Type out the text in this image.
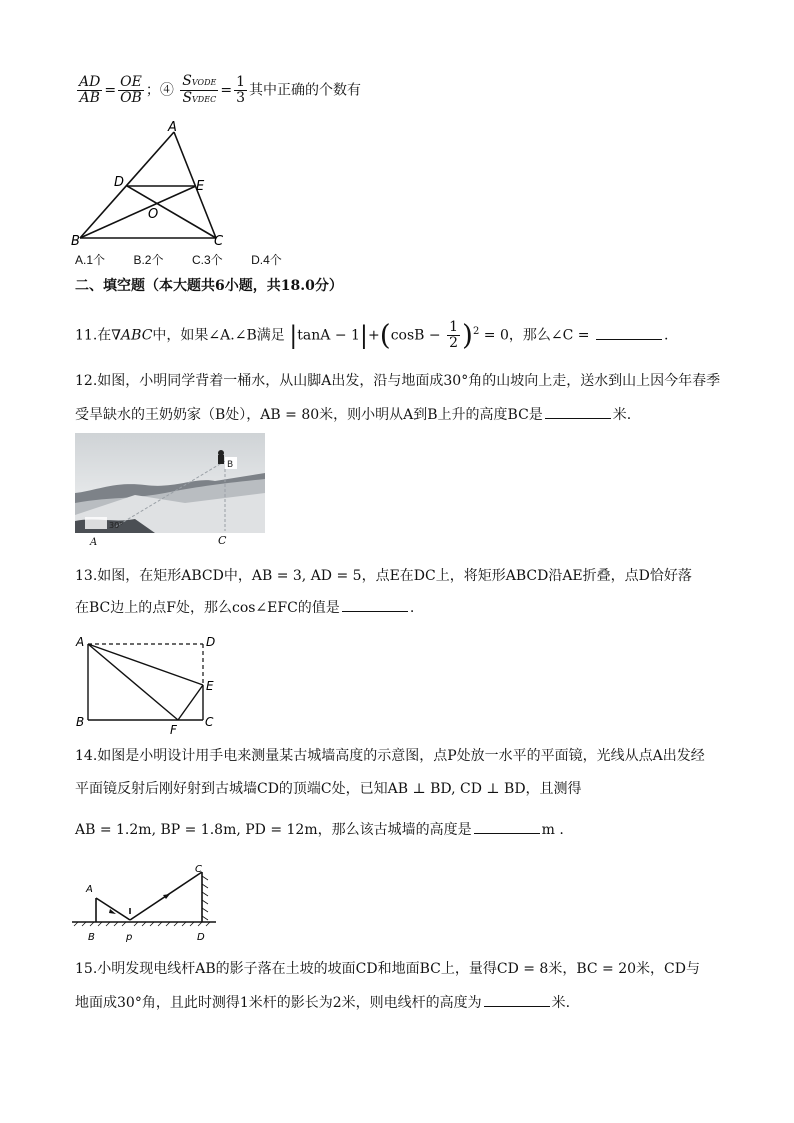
$\frac{AD}{AB} = \frac{OE}{OB}$ ；④ $\frac{\text{SVODE}}{\text{SVDEC}} = \frac{1}{3}$ 其中正确的个数有
A
D	E
O
B	C
A.1个 B.2个 C.3个 D.4个
二、填空题（本大题共6小题，共18.0分）
11.在∇ABC中，如果∠A.∠B满足 $|\tan A - 1|+(\cos B - \frac{1}{2} )^2 = 0$，那么∠C =	.
12.如图，小明同学背着一桶水，从山脚A出发，沿与地面成30°角的山坡向上走，送水到山上因今年春季
受旱缺水的王奶奶家（B处），AB = 80米，则小明从A到B上升的高度BC是	米.
30°
B
A	C
13.如图，在矩形ABCD中，AB = 3, AD = 5，点E在DC上，将矩形ABCD沿AE折叠，点D恰好落
在BC边上的点F处，那么cos∠EFC的值是	.
A	D
E
B
F
C
14.如图是小明设计用手电来测量某古城墙高度的示意图，点P处放一水平的平面镜，光线从点A出发经
平面镜反射后刚好射到古城墙CD的顶端C处，已知AB ⊥ BD, CD ⊥ BD，且测得
AB = 1.2m, BP = 1.8m, PD = 12m，那么该古城墙的高度是	m .
A
B	p
C
D
15.小明发现电线杆AB的影子落在土坡的坡面CD和地面BC上，量得CD = 8米，BC = 20米，CD与
地面成30°角，且此时测得1米杆的影长为2米，则电线杆的高度为	米.
